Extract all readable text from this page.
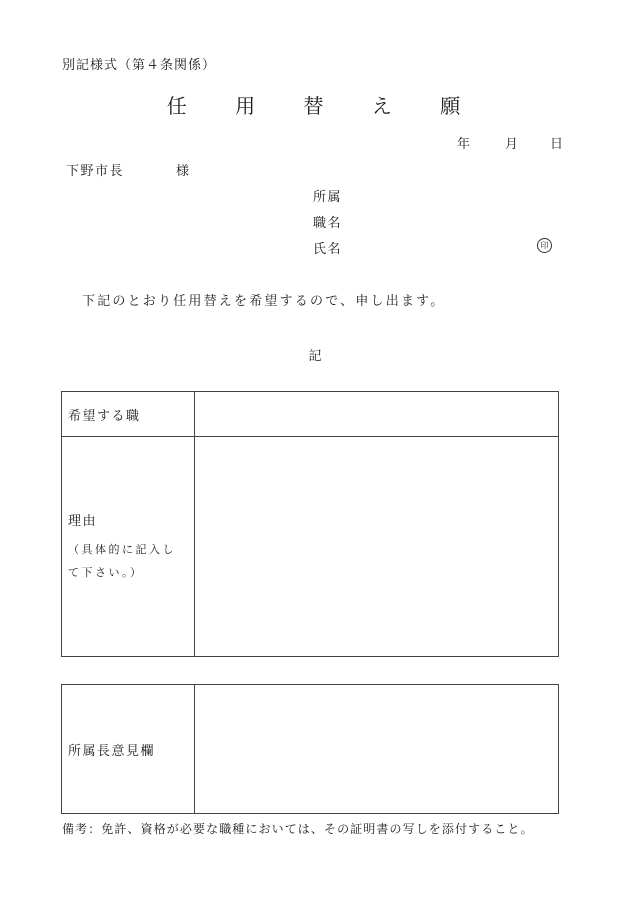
別記様式（第４条関係）
任 用 替 え 願
年	月 日
下野市長	様
所属
職名
氏名	印
下記のとおり任用替えを希望するので、申し出ます。
記
希望する職	

理由
（具体的に記入し
て下さい。）	

所属長意見欄	
備考：免許、資格が必要な職種においては、その証明書の写しを添付すること。
